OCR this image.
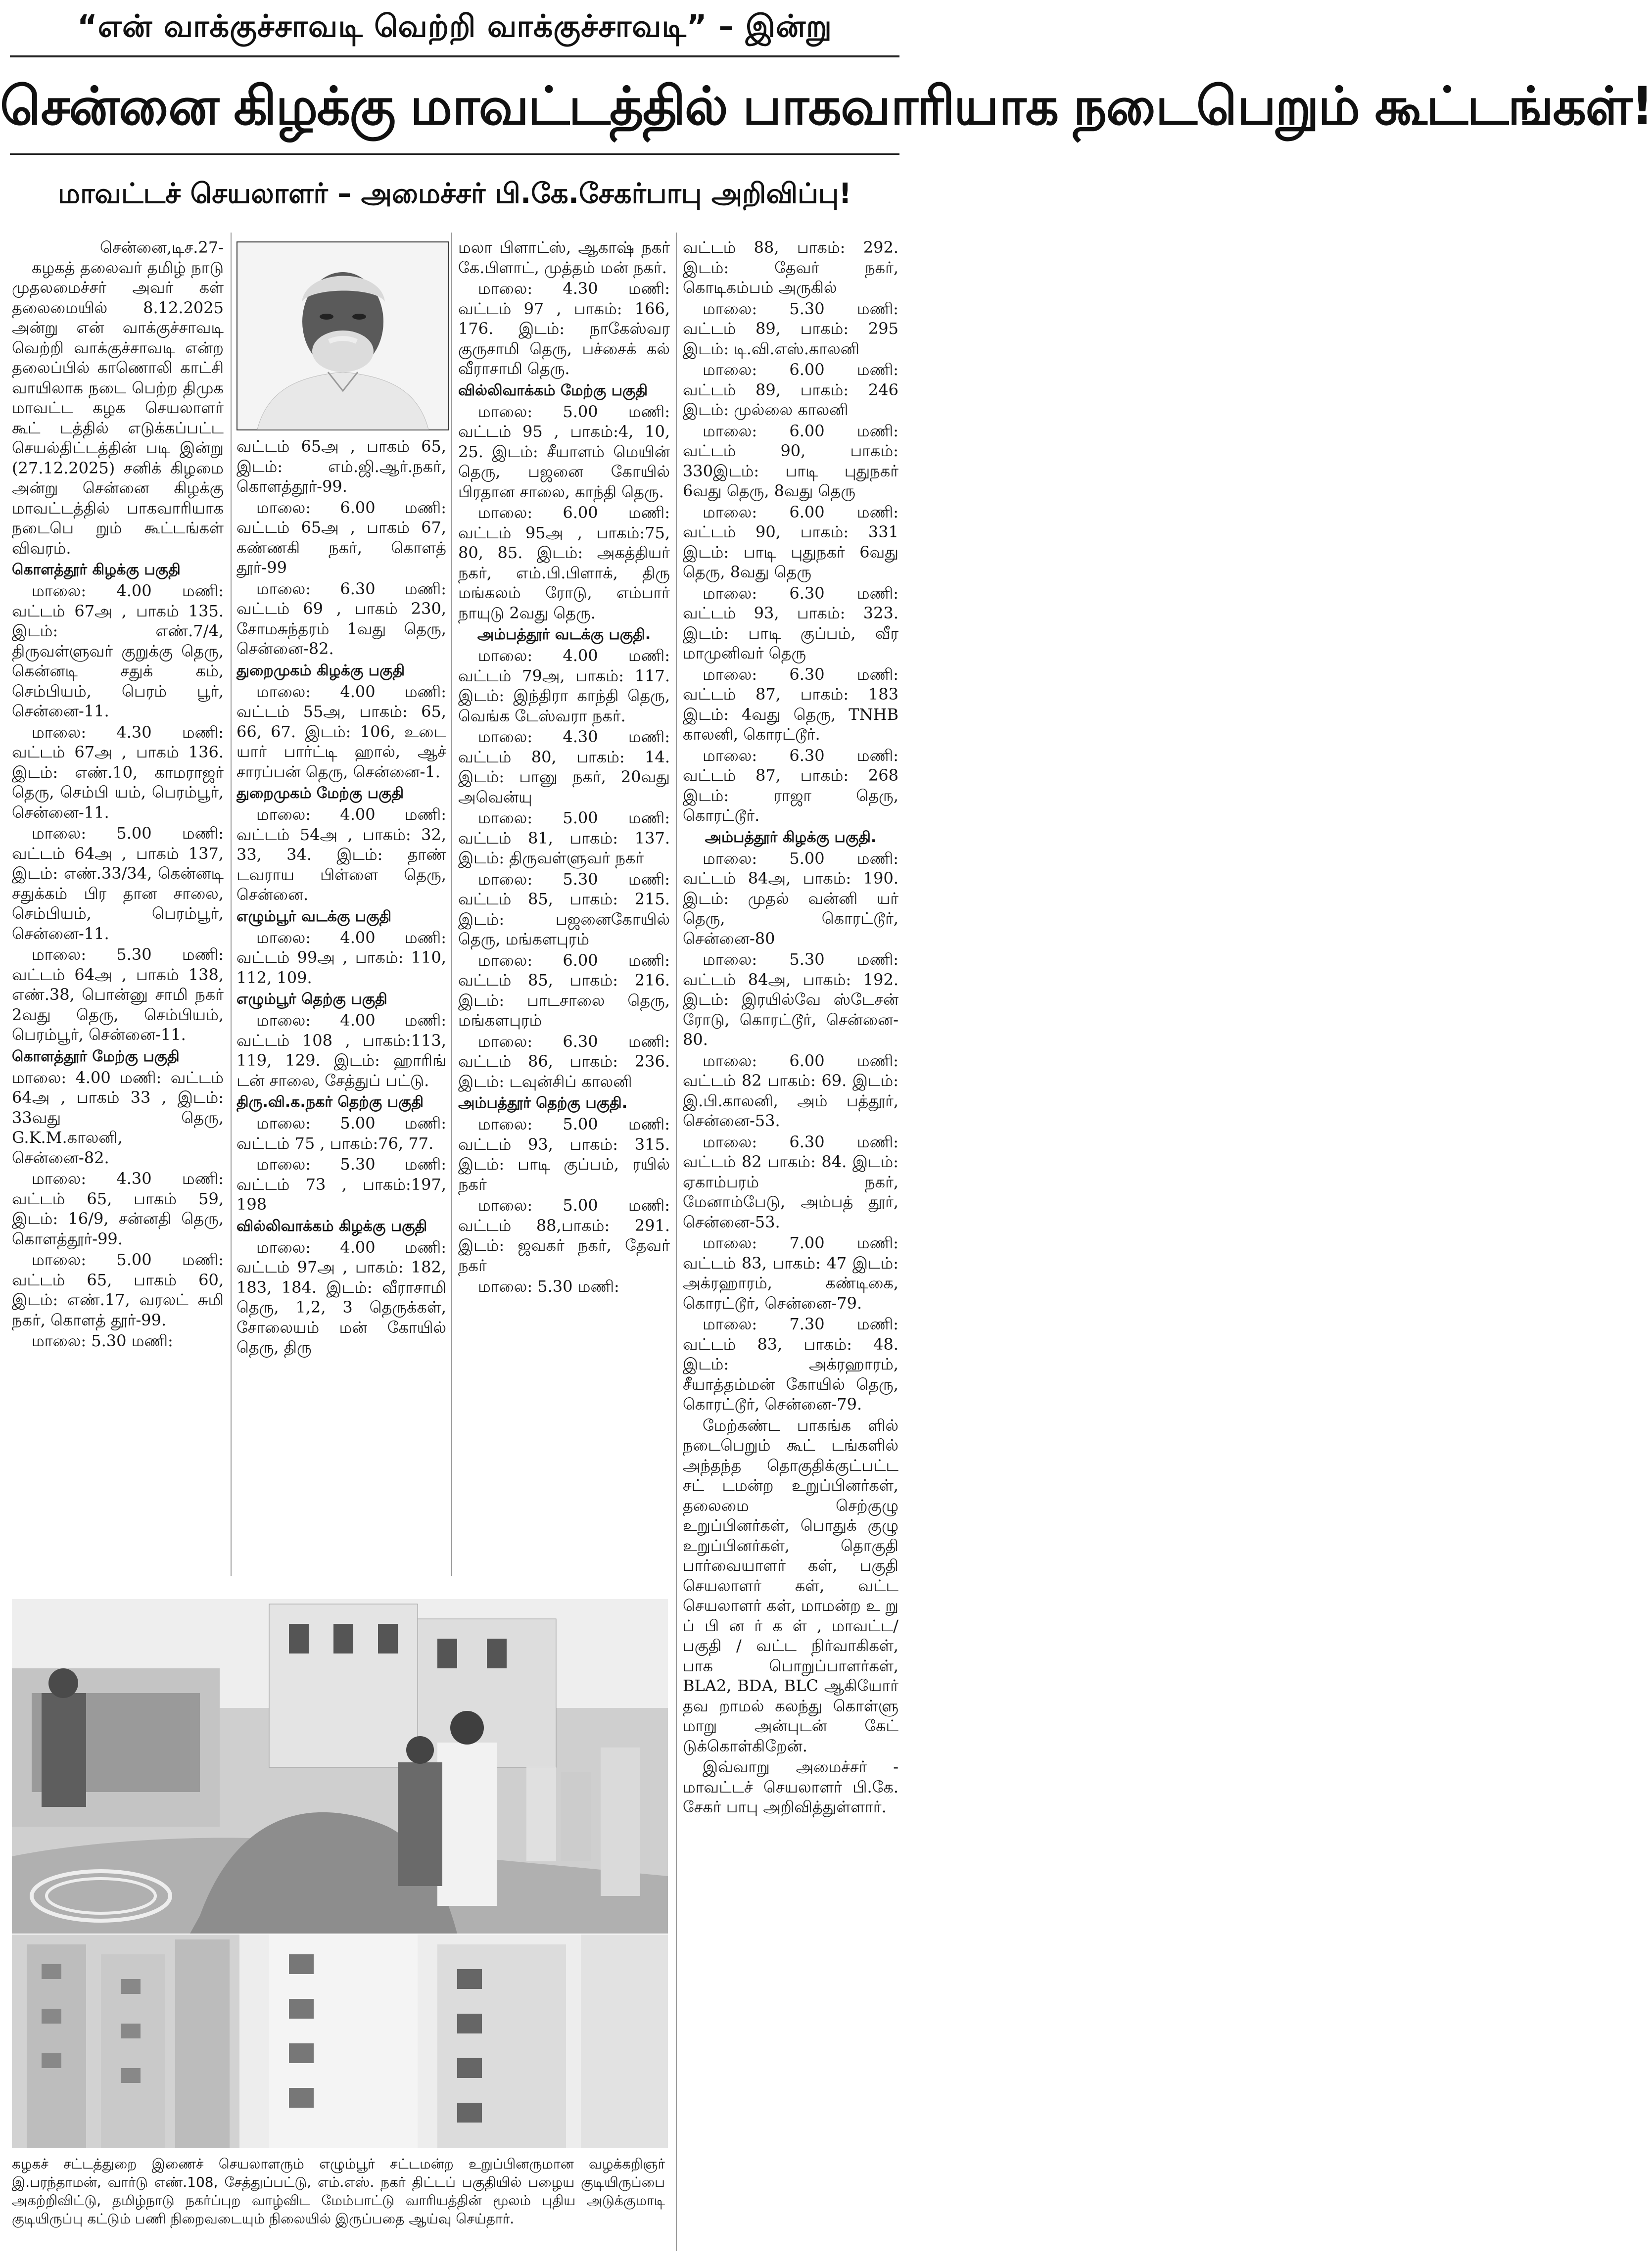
“என் வாக்குச்சாவடி வெற்றி வாக்குச்சாவடி” – இன்று
சென்னை கிழக்கு மாவட்டத்தில் பாகவாரியாக நடைபெறும் கூட்டங்கள்!
மாவட்டச் செயலாளர் – அமைச்சர் பி.கே.சேகர்பாபு அறிவிப்பு!

சென்னை,டிச.27-

கழகத் தலைவர் தமிழ் நாடு முதலமைச்சர் அவர் கள் தலைமையில் 8.12.2025 அன்று என் வாக்குச்சாவடி வெற்றி வாக்குச்சாவடி என்ற தலைப்பில் காணொலி காட்சி வாயிலாக நடை பெற்ற திமுக மாவட்ட கழக செயலாளர் கூட் டத்தில் எடுக்கப்பட்ட செயல்திட்டத்தின் படி இன்று (27.12.2025) சனிக் கிழமை அன்று சென்னை கிழக்கு மாவட்டத்தில் பாகவாரியாக நடைபெ றும் கூட்டங்கள் விவரம்.

கொளத்தூர் கிழக்கு பகுதி

மாலை: 4.00 மணி: வட்டம் 67அ , பாகம் 135. இடம்: எண்.7/4, திருவள்ளுவர் குறுக்கு தெரு, கென்னடி சதுக் கம், செம்பியம், பெரம் பூர், சென்னை-11.

மாலை: 4.30 மணி: வட்டம் 67அ , பாகம் 136. இடம்: எண்.10, காமராஜர் தெரு, செம்பி யம், பெரம்பூர், சென்னை-11.

மாலை: 5.00 மணி: வட்டம் 64அ , பாகம் 137, இடம்: எண்.33/34, கென்னடி சதுக்கம் பிர தான சாலை, செம்பியம், பெரம்பூர், சென்னை-11.

மாலை: 5.30 மணி: வட்டம் 64அ , பாகம் 138, எண்.38, பொன்னு சாமி நகர் 2வது தெரு, செம்பியம், பெரம்பூர், சென்னை-11.

கொளத்தூர் மேற்கு பகுதி

மாலை: 4.00 மணி: வட்டம் 64அ , பாகம் 33 , இடம்: 33வது தெரு, G.K.M.காலனி, சென்னை-82.

மாலை: 4.30 மணி: வட்டம் 65, பாகம் 59, இடம்: 16/9, சன்னதி தெரு, கொளத்தூர்-99.

மாலை: 5.00 மணி: வட்டம் 65, பாகம் 60, இடம்: எண்.17, வரலட் சுமி நகர், கொளத் தூர்-99.

மாலை: 5.30 மணி:

வட்டம் 65அ , பாகம் 65, இடம்: எம்.ஜி.ஆர்.நகர், கொளத்தூர்-99.

மாலை: 6.00 மணி: வட்டம் 65அ , பாகம் 67, கண்ணகி நகர், கொளத் தூர்-99

மாலை: 6.30 மணி: வட்டம் 69 , பாகம் 230, சோமசுந்தரம் 1வது தெரு, சென்னை-82.

துறைமுகம் கிழக்கு பகுதி

மாலை: 4.00 மணி: வட்டம் 55அ, பாகம்: 65, 66, 67. இடம்: 106, உடை யார் பார்ட்டி ஹால், ஆச் சாரப்பன் தெரு, சென்னை-1.

துறைமுகம் மேற்கு பகுதி

மாலை: 4.00 மணி: வட்டம் 54அ , பாகம்: 32, 33, 34. இடம்: தாண் டவராய பிள்ளை தெரு, சென்னை.

எழும்பூர் வடக்கு பகுதி

மாலை: 4.00 மணி: வட்டம் 99அ , பாகம்: 110, 112, 109.

எழும்பூர் தெற்கு பகுதி

மாலை: 4.00 மணி: வட்டம் 108 , பாகம்:113, 119, 129. இடம்: ஹாரிங் டன் சாலை, சேத்துப் பட்டு.

திரு.வி.க.நகர் தெற்கு பகுதி

மாலை: 5.00 மணி: வட்டம் 75 , பாகம்:76, 77.

மாலை: 5.30 மணி: வட்டம் 73 , பாகம்:197, 198

வில்லிவாக்கம் கிழக்கு பகுதி

மாலை: 4.00 மணி: வட்டம் 97அ , பாகம்: 182, 183, 184. இடம்: வீராசாமி தெரு, 1,2, 3 தெருக்கள், சோலையம் மன் கோயில் தெரு, திரு

மலா பிளாட்ஸ், ஆகாஷ் நகர் கே.பிளாட், முத்தம் மன் நகர்.

மாலை: 4.30 மணி: வட்டம் 97 , பாகம்: 166, 176. இடம்: நாகேஸ்வர குருசாமி தெரு, பச்சைக் கல் வீராசாமி தெரு.

வில்லிவாக்கம் மேற்கு பகுதி

மாலை: 5.00 மணி: வட்டம் 95 , பாகம்:4, 10, 25. இடம்: சீயாளம் மெயின் தெரு, பஜனை கோயில் பிரதான சாலை, காந்தி தெரு.

மாலை: 6.00 மணி: வட்டம் 95அ , பாகம்:75, 80, 85. இடம்: அகத்தியர் நகர், எம்.பி.பிளாக், திரு மங்கலம் ரோடு, எம்பார் நாயுடு 2வது தெரு.

அம்பத்தூர் வடக்கு பகுதி.

மாலை: 4.00 மணி: வட்டம் 79அ, பாகம்: 117. இடம்: இந்திரா காந்தி தெரு, வெங்க டேஸ்வரா நகர்.

மாலை: 4.30 மணி: வட்டம் 80, பாகம்: 14. இடம்: பானு நகர், 20வது அவென்யு

மாலை: 5.00 மணி: வட்டம் 81, பாகம்: 137. இடம்: திருவள்ளுவர் நகர்

மாலை: 5.30 மணி: வட்டம் 85, பாகம்: 215. இடம்: பஜனைகோயில் தெரு, மங்களபுரம்

மாலை: 6.00 மணி: வட்டம் 85, பாகம்: 216. இடம்: பாடசாலை தெரு, மங்களபுரம்

மாலை: 6.30 மணி: வட்டம் 86, பாகம்: 236. இடம்: டவுன்சிப் காலனி

அம்பத்தூர் தெற்கு பகுதி.

மாலை: 5.00 மணி: வட்டம் 93, பாகம்: 315. இடம்: பாடி குப்பம், ரயில் நகர்

மாலை: 5.00 மணி: வட்டம் 88,பாகம்: 291. இடம்: ஜவகர் நகர், தேவர் நகர்

மாலை: 5.30 மணி:

வட்டம் 88, பாகம்: 292. இடம்: தேவர் நகர், கொடிகம்பம் அருகில்

மாலை: 5.30 மணி: வட்டம் 89, பாகம்: 295 இடம்: டி.வி.எஸ்.காலனி

மாலை: 6.00 மணி: வட்டம் 89, பாகம்: 246 இடம்: முல்லை காலனி

மாலை: 6.00 மணி: வட்டம் 90, பாகம்: 330இடம்: பாடி புதுநகர் 6வது தெரு, 8வது தெரு

மாலை: 6.00 மணி: வட்டம் 90, பாகம்: 331 இடம்: பாடி புதுநகர் 6வது தெரு, 8வது தெரு

மாலை: 6.30 மணி: வட்டம் 93, பாகம்: 323. இடம்: பாடி குப்பம், வீர மாமுனிவர் தெரு

மாலை: 6.30 மணி: வட்டம் 87, பாகம்: 183 இடம்: 4வது தெரு, TNHB காலனி, கொரட்டூர்.

மாலை: 6.30 மணி: வட்டம் 87, பாகம்: 268 இடம்: ராஜா தெரு, கொரட்டூர்.

அம்பத்தூர் கிழக்கு பகுதி.

மாலை: 5.00 மணி: வட்டம் 84அ, பாகம்: 190. இடம்: முதல் வன்னி யர் தெரு, கொரட்டூர், சென்னை-80

மாலை: 5.30 மணி: வட்டம் 84அ, பாகம்: 192. இடம்: இரயில்வே ஸ்டேசன் ரோடு, கொரட்டூர், சென்னை- 80.

மாலை: 6.00 மணி: வட்டம் 82 பாகம்: 69. இடம்: இ.பி.காலனி, அம் பத்தூர், சென்னை-53.

மாலை: 6.30 மணி: வட்டம் 82 பாகம்: 84. இடம்: ஏகாம்பரம் நகர், மேனாம்பேடு, அம்பத் தூர், சென்னை-53.

மாலை: 7.00 மணி: வட்டம் 83, பாகம்: 47 இடம்: அக்ரஹாரம், கண்டிகை, கொரட்டூர், சென்னை-79.

மாலை: 7.30 மணி: வட்டம் 83, பாகம்: 48. இடம்: அக்ரஹாரம், சீயாத்தம்மன் கோயில் தெரு, கொரட்டூர், சென்னை-79.

மேற்கண்ட பாகங்க ளில் நடைபெறும் கூட் டங்களில் அந்தந்த தொகுதிக்குட்பட்ட சட் டமன்ற உறுப்பினர்கள், தலைமை செற்குழு உறுப்பினர்கள், பொதுக் குழு உறுப்பினர்கள், தொகுதி பார்வையாளர் கள், பகுதி செயலாளர் கள், வட்ட செயலாளர் கள், மாமன்ற உ று ப் பி ன ர் க ள் , மாவட்ட/ பகுதி / வட்ட நிர்வாகிகள், பாக பொறுப்பாளர்கள், BLA2, BDA, BLC ஆகியோர் தவ றாமல் கலந்து கொள்ளு மாறு அன்புடன் கேட் டுக்கொள்கிறேன்.

இவ்வாறு அமைச்சர் - மாவட்டச் செயலாளர் பி.கே. சேகர் பாபு அறிவித்துள்ளார்.

கழகச் சட்டத்துறை இணைச் செயலாளரும் எழும்பூர் சட்டமன்ற உறுப்பினருமான வழக்கறிஞர் இ.பரந்தாமன், வார்டு எண்.108, சேத்துப்பட்டு, எம்.எஸ். நகர் திட்டப் பகுதியில் பழைய குடியிருப்பை அகற்றிவிட்டு, தமிழ்நாடு நகர்ப்புற வாழ்விட மேம்பாட்டு வாரியத்தின் மூலம் புதிய அடுக்குமாடி குடியிருப்பு கட்டும் பணி நிறைவடையும் நிலையில் இருப்பதை ஆய்வு செய்தார்.
